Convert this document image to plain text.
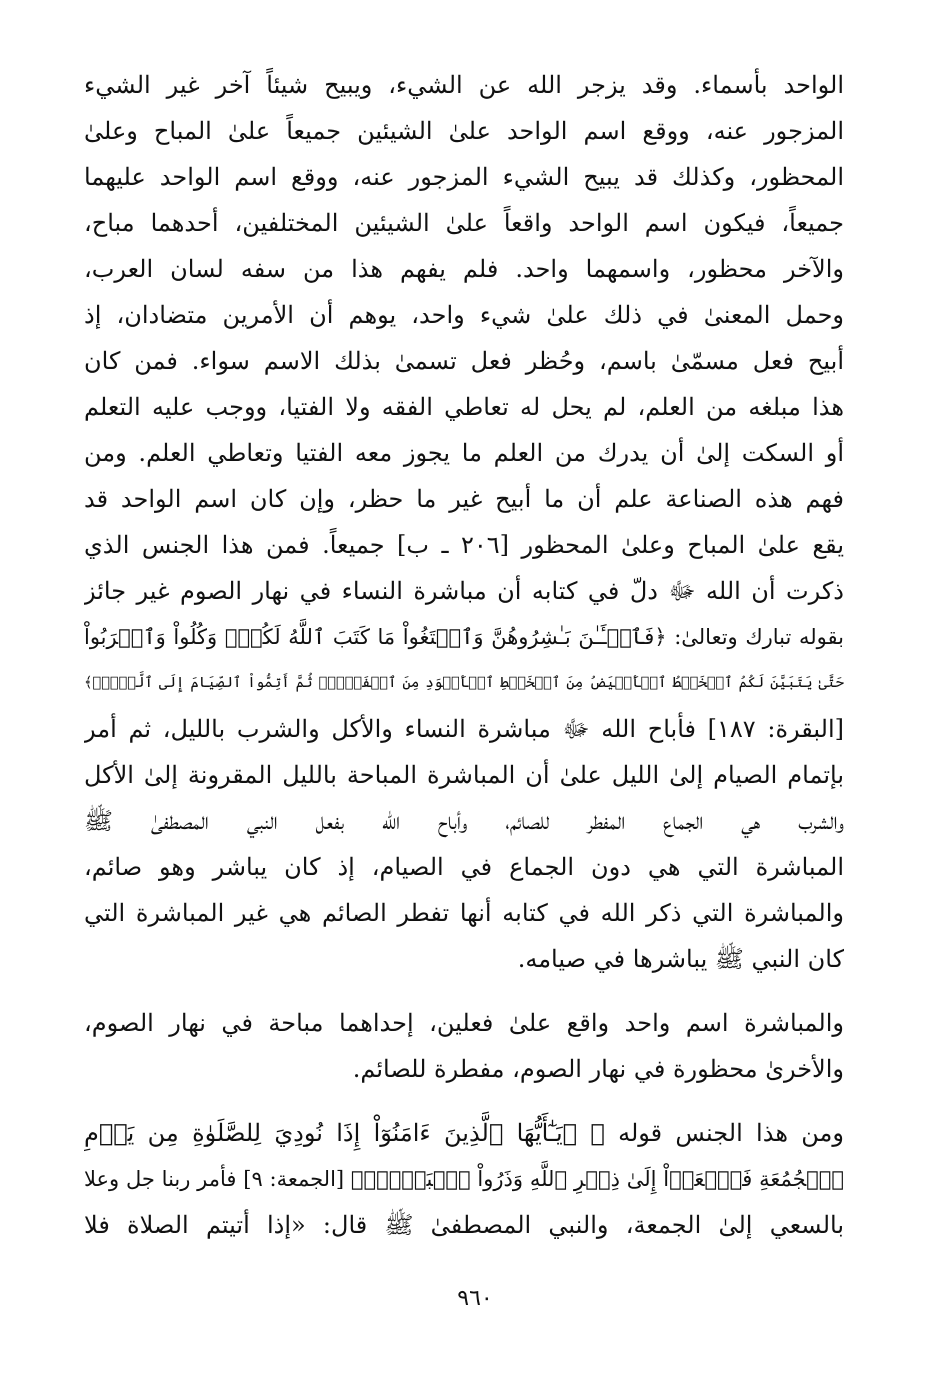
الواحد بأسماء. وقد يزجر الله عن الشيء، ويبيح شيئاً آخر غير الشيء
المزجور عنه، ووقع اسم الواحد علىٰ الشيئين جميعاً علىٰ المباح وعلىٰ
المحظور، وكذلك قد يبيح الشيء المزجور عنه، ووقع اسم الواحد عليهما
جميعاً، فيكون اسم الواحد واقعاً علىٰ الشيئين المختلفين، أحدهما مباح،
والآخر محظور، واسمهما واحد. فلم يفهم هذا من سفه لسان العرب،
وحمل المعنىٰ في ذلك علىٰ شيء واحد، يوهم أن الأمرين متضادان، إذ
أبيح فعل مسمّىٰ باسم، وحُظر فعل تسمىٰ بذلك الاسم سواء. فمن كان
هذا مبلغه من العلم، لم يحل له تعاطي الفقه ولا الفتيا، ووجب عليه التعلم
أو السكت إلىٰ أن يدرك من العلم ما يجوز معه الفتيا وتعاطي العلم. ومن
فهم هذه الصناعة علم أن ما أبيح غير ما حظر، وإن كان اسم الواحد قد
يقع علىٰ المباح وعلىٰ المحظور [٢٠٦ ـ ب] جميعاً. فمن هذا الجنس الذي
ذكرت أن الله ﷻ دلّ في كتابه أن مباشرة النساء في نهار الصوم غير جائز
بقوله تبارك وتعالىٰ: ﴿فَٱلۡـَٔـٰنَ بَـٰشِرُوهُنَّ وَٱبۡتَغُواْ مَا كَتَبَ ٱللَّهُ لَكُمۡۚ وَكُلُواْ وَٱشۡرَبُواْ
حَتَّىٰ يَتَبَيَّنَ لَكُمُ ٱلۡخَيۡطُ ٱلۡأَبۡيَضُ مِنَ ٱلۡخَيۡطِ ٱلۡأَسۡوَدِ مِنَ ٱلۡفَجۡرِۖ ثُمَّ أَتِمُّواْ ٱلصِّيَامَ إِلَى ٱلَّيۡلِۚ﴾
[البقرة: ١٨٧] فأباح الله ﷻ مباشرة النساء والأكل والشرب بالليل، ثم أمر
بإتمام الصيام إلىٰ الليل علىٰ أن المباشرة المباحة بالليل المقرونة إلىٰ الأكل
والشرب هي الجماع المفطر للصائم، وأباح الله بفعل النبي المصطفىٰ ﷺ
المباشرة التي هي دون الجماع في الصيام، إذ كان يباشر وهو صائم،
والمباشرة التي ذكر الله في كتابه أنها تفطر الصائم هي غير المباشرة التي
كان النبي ﷺ يباشرها في صيامه.
والمباشرة اسم واحد واقع علىٰ فعلين، إحداهما مباحة في نهار الصوم،
والأخرىٰ محظورة في نهار الصوم، مفطرة للصائم.
ومن هذا الجنس قوله ﷻ ﴿يَـٰٓأَيُّهَا ٱلَّذِينَ ءَامَنُوٓاْ إِذَا نُودِيَ لِلصَّلَوٰةِ مِن يَوۡمِ
ٱلۡجُمُعَةِ فَٱسۡعَوۡاْ إِلَىٰ ذِكۡرِ ٱللَّهِ وَذَرُواْ ٱلۡبَيۡعَۚ﴾ [الجمعة: ٩] فأمر ربنا جل وعلا
بالسعي إلىٰ الجمعة، والنبي المصطفىٰ ﷺ قال: «إذا أتيتم الصلاة فلا
٩٦٠
